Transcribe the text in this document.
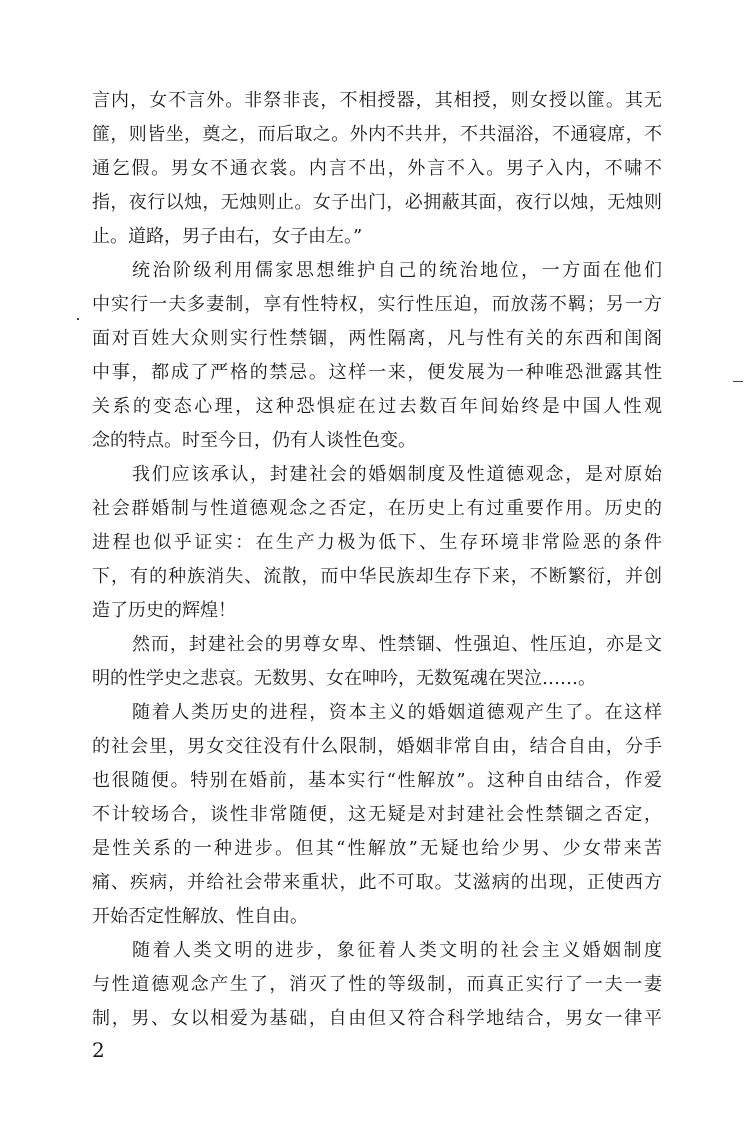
言内，女不言外。非祭非丧，不相授器，其相授，则女授以篚。其无
篚，则皆坐，奠之，而后取之。外内不共井，不共湢浴，不通寝席，不
通乞假。男女不通衣裳。内言不出，外言不入。男子入内，不啸不
指，夜行以烛，无烛则止。女子出门，必拥蔽其面，夜行以烛，无烛则
止。道路，男子由右，女子由左。”
统治阶级利用儒家思想维护自己的统治地位，一方面在他们
中实行一夫多妻制，享有性特权，实行性压迫，而放荡不羁；另一方
面对百姓大众则实行性禁锢，两性隔离，凡与性有关的东西和闺阁
中事，都成了严格的禁忌。这样一来，便发展为一种唯恐泄露其性
关系的变态心理，这种恐惧症在过去数百年间始终是中国人性观
念的特点。时至今日，仍有人谈性色变。
我们应该承认，封建社会的婚姻制度及性道德观念，是对原始
社会群婚制与性道德观念之否定，在历史上有过重要作用。历史的
进程也似乎证实：在生产力极为低下、生存环境非常险恶的条件
下，有的种族消失、流散，而中华民族却生存下来，不断繁衍，并创
造了历史的辉煌！
然而，封建社会的男尊女卑、性禁锢、性强迫、性压迫，亦是文
明的性学史之悲哀。无数男、女在呻吟，无数冤魂在哭泣……。
随着人类历史的进程，资本主义的婚姻道德观产生了。在这样
的社会里，男女交往没有什么限制，婚姻非常自由，结合自由，分手
也很随便。特别在婚前，基本实行“性解放”。这种自由结合，作爱
不计较场合，谈性非常随便，这无疑是对封建社会性禁锢之否定，
是性关系的一种进步。但其“性解放”无疑也给少男、少女带来苦
痛、疾病，并给社会带来重状，此不可取。艾滋病的出现，正使西方
开始否定性解放、性自由。
随着人类文明的进步，象征着人类文明的社会主义婚姻制度
与性道德观念产生了，消灭了性的等级制，而真正实行了一夫一妻
制，男、女以相爱为基础，自由但又符合科学地结合，男女一律平
2
